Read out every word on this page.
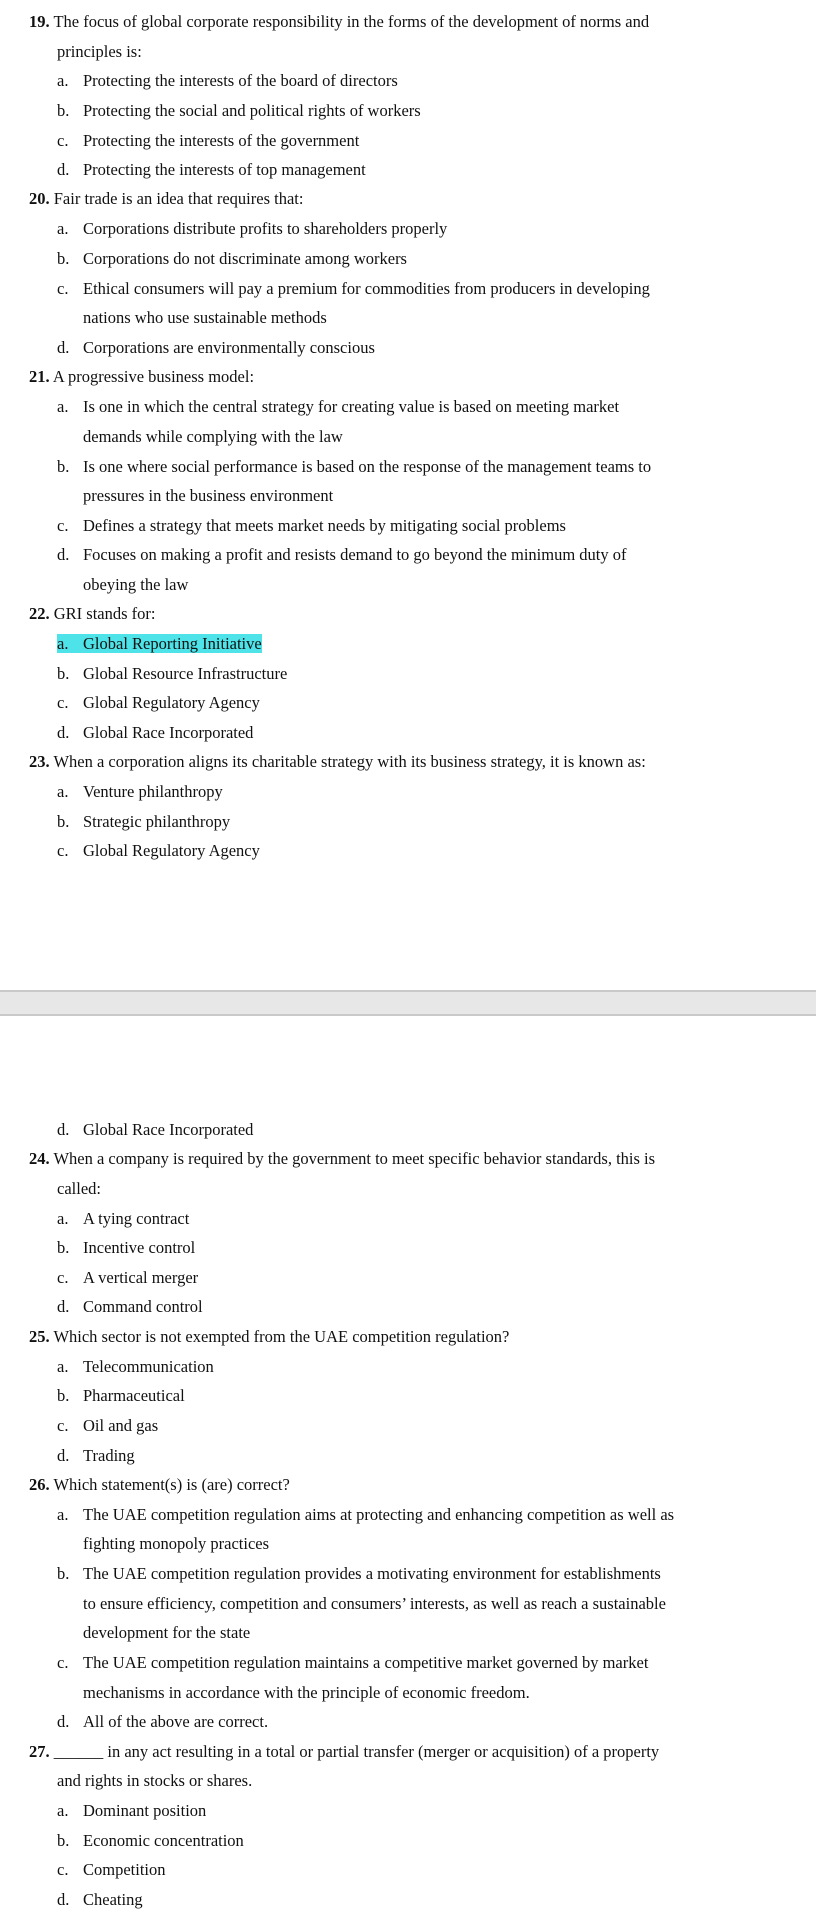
19. The focus of global corporate responsibility in the forms of the development of norms and
principles is:
a. Protecting the interests of the board of directors
b. Protecting the social and political rights of workers
c. Protecting the interests of the government
d. Protecting the interests of top management
20. Fair trade is an idea that requires that:
a. Corporations distribute profits to shareholders properly
b. Corporations do not discriminate among workers
c. Ethical consumers will pay a premium for commodities from producers in developing
nations who use sustainable methods
d. Corporations are environmentally conscious
21. A progressive business model:
a. Is one in which the central strategy for creating value is based on meeting market
demands while complying with the law
b. Is one where social performance is based on the response of the management teams to
pressures in the business environment
c. Defines a strategy that meets market needs by mitigating social problems
d. Focuses on making a profit and resists demand to go beyond the minimum duty of
obeying the law
22. GRI stands for:
a. Global Reporting Initiative
b. Global Resource Infrastructure
c. Global Regulatory Agency
d. Global Race Incorporated
23. When a corporation aligns its charitable strategy with its business strategy, it is known as:
a. Venture philanthropy
b. Strategic philanthropy
c. Global Regulatory Agency
d. Global Race Incorporated
24. When a company is required by the government to meet specific behavior standards, this is
called:
a. A tying contract
b. Incentive control
c. A vertical merger
d. Command control
25. Which sector is not exempted from the UAE competition regulation?
a. Telecommunication
b. Pharmaceutical
c. Oil and gas
d. Trading
26. Which statement(s) is (are) correct?
a. The UAE competition regulation aims at protecting and enhancing competition as well as
fighting monopoly practices
b. The UAE competition regulation provides a motivating environment for establishments
to ensure efficiency, competition and consumers’ interests, as well as reach a sustainable
development for the state
c. The UAE competition regulation maintains a competitive market governed by market
mechanisms in accordance with the principle of economic freedom.
d. All of the above are correct.
27. ______ in any act resulting in a total or partial transfer (merger or acquisition) of a property
and rights in stocks or shares.
a. Dominant position
b. Economic concentration
c. Competition
d. Cheating
